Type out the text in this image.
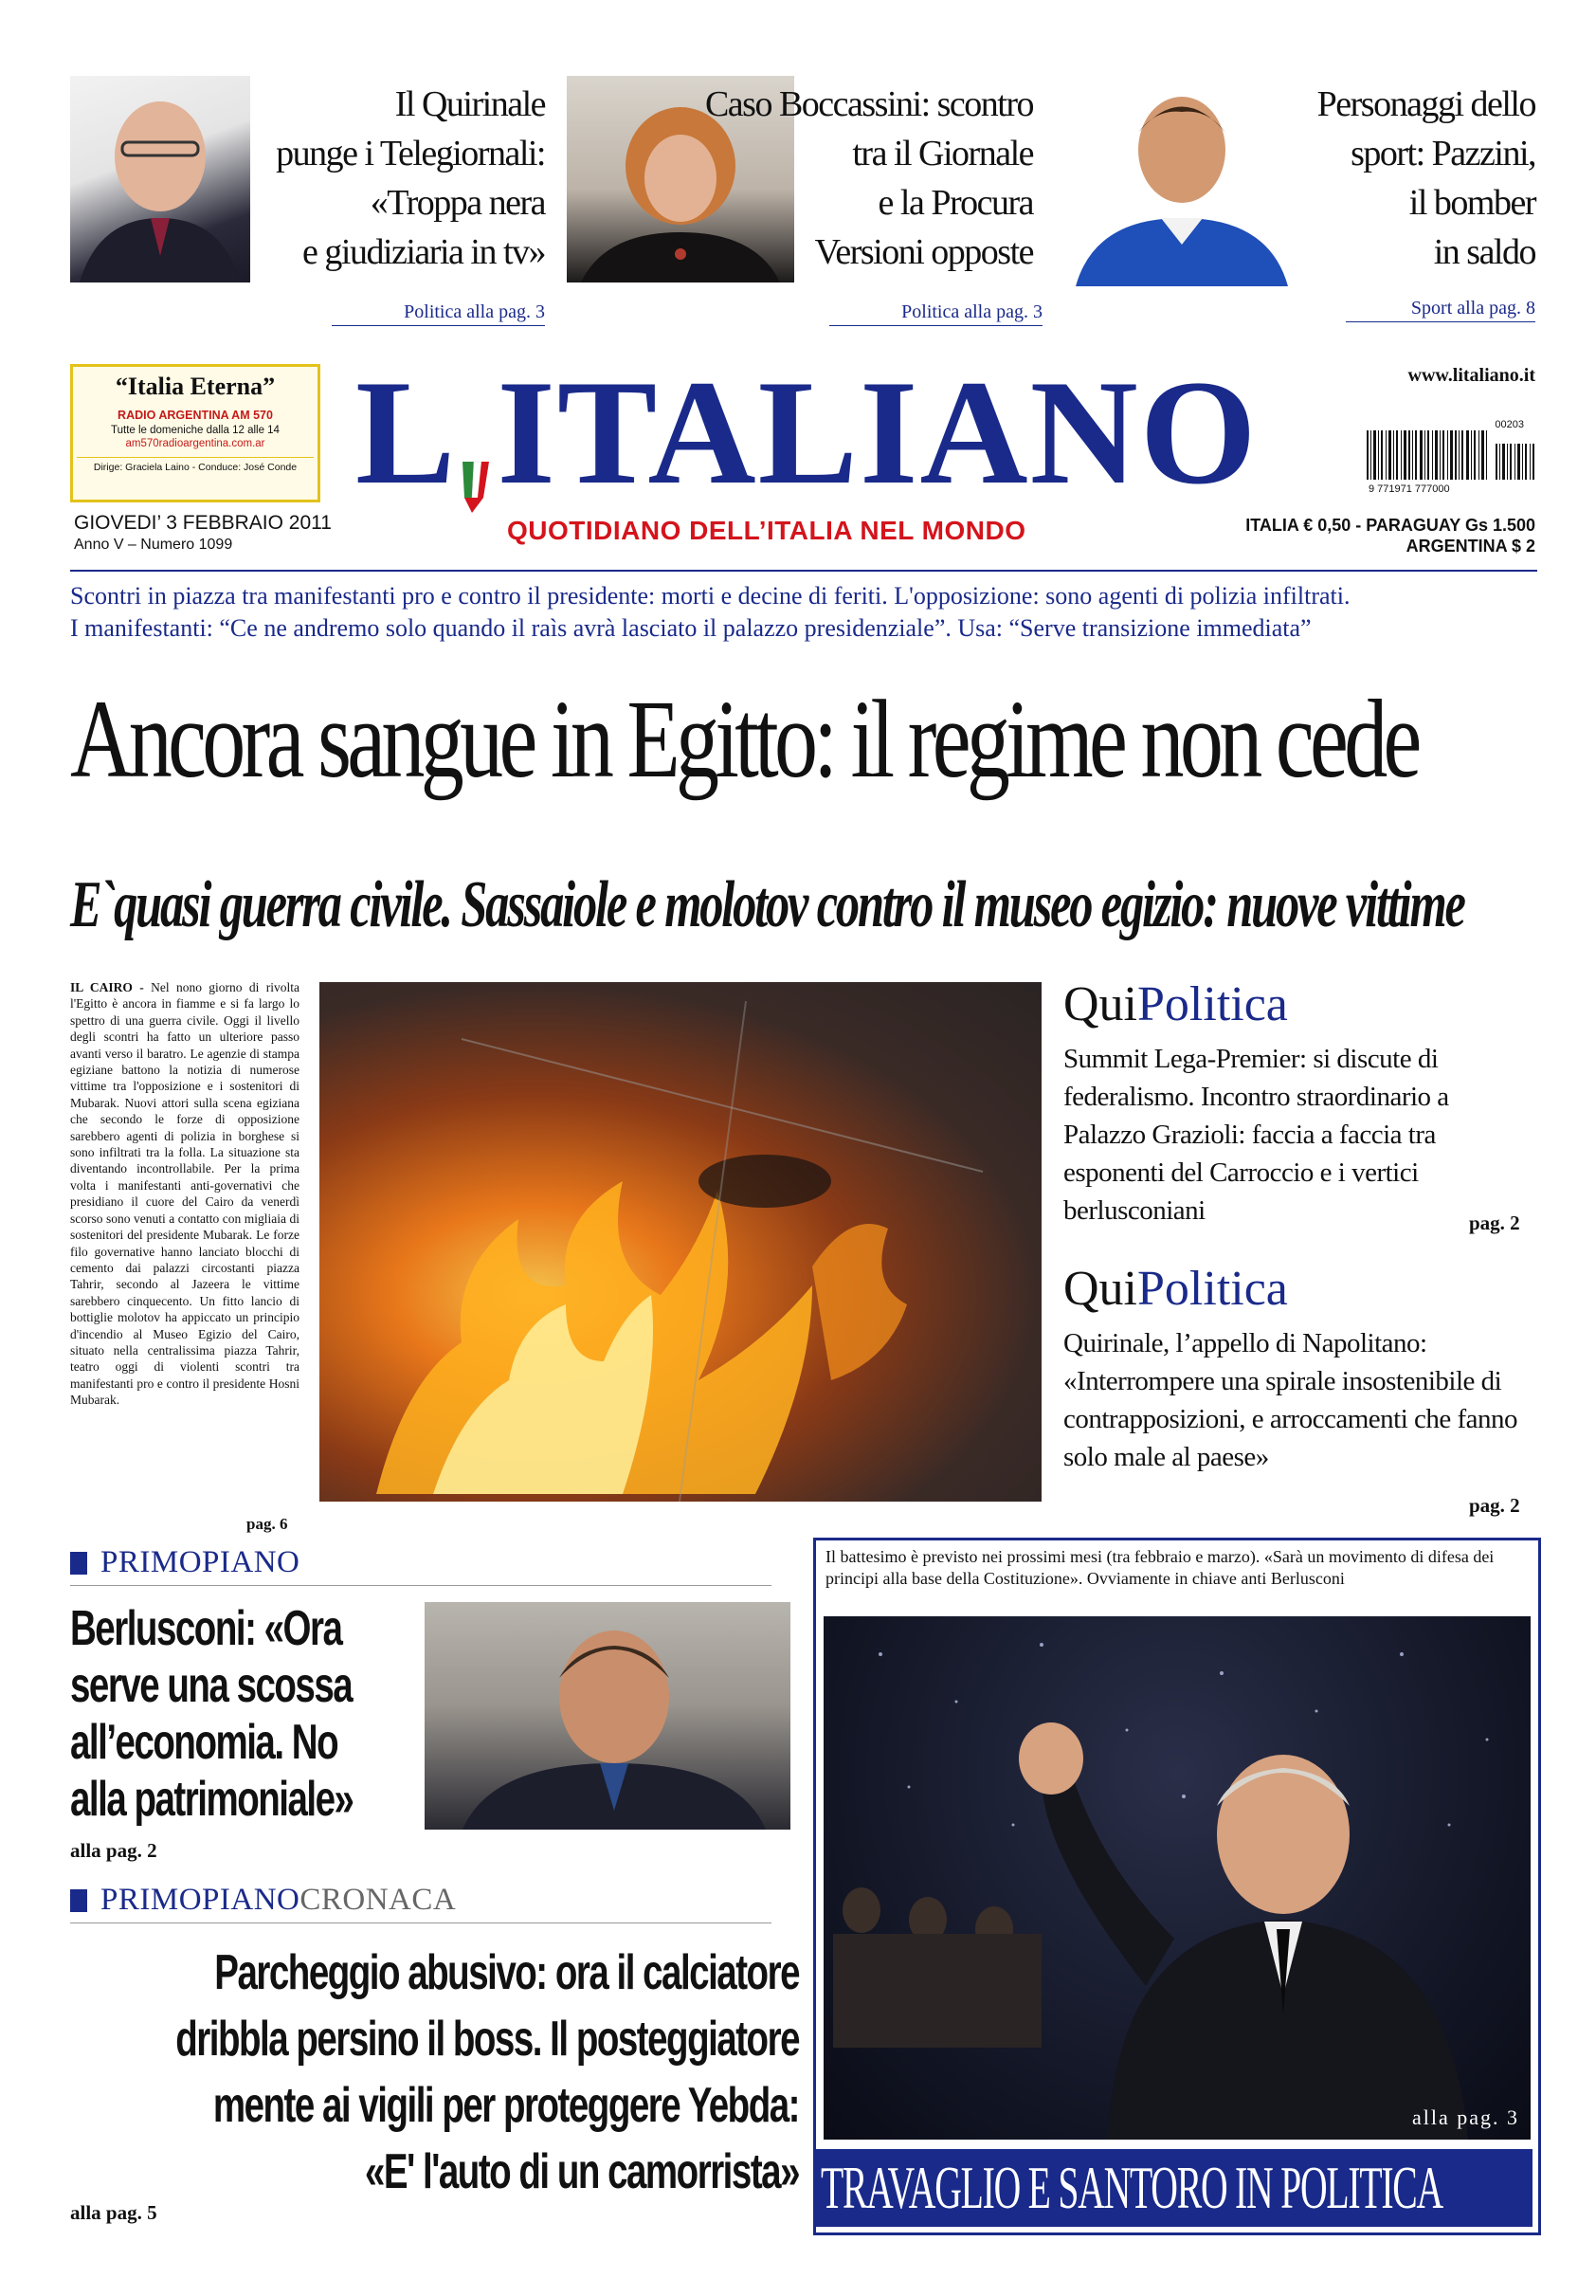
Il Quirinale
punge i Telegiornali:
«Troppa nera
e giudiziaria in tv»
Politica alla pag. 3
Caso Boccassini: scontro
tra il Giornale
e la Procura
Versioni opposte
Politica alla pag. 3
Personaggi dello
sport: Pazzini,
il bomber
in saldo
Sport alla pag. 8
“Italia Eterna”
RADIO ARGENTINA AM 570
Tutte le domeniche dalla 12 alle 14
am570radioargentina.com.ar
Dirige: Graciela Laino - Conduce: José Conde L ITALIANO	www.litaliano.it
00203
9 771971 777000
GIOVEDI’ 3 FEBBRAIO 2011
Anno V – Numero 1099	QUOTIDIANO DELL’ITALIA NEL MONDO	ITALIA € 0,50 - PARAGUAY Gs 1.500
ARGENTINA $ 2
Scontri in piazza tra manifestanti pro e contro il presidente: morti e decine di feriti. L'opposizione: sono agenti di polizia infiltrati.
I manifestanti: “Ce ne andremo solo quando il raìs avrà lasciato il palazzo presidenziale”. Usa: “Serve transizione immediata”
Ancora sangue in Egitto: il regime non cede
E`quasi guerra civile. Sassaiole e molotov contro il museo egizio: nuove vittime
IL CAIRO - Nel nono giorno di rivolta l'Egitto è ancora in fiamme e si fa largo lo spettro di una guerra civile. Oggi il livello degli scontri ha fatto un ulteriore passo avanti verso il baratro. Le agenzie di stampa egiziane battono la notizia di numerose vittime tra l'opposizione e i sostenitori di Mubarak. Nuovi attori sulla scena egiziana che secondo le forze di opposizione sarebbero agenti di polizia in borghese si sono infiltrati tra la folla. La situazione sta diventando incontrollabile. Per la prima volta i manifestanti anti-governativi che presidiano il cuore del Cairo da venerdì scorso sono venuti a contatto con migliaia di sostenitori del presidente Mubarak. Le forze filo governative hanno lanciato blocchi di cemento dai palazzi circostanti piazza Tahrir, secondo al Jazeera le vittime sarebbero cinquecento. Un fitto lancio di bottiglie molotov ha appiccato un principio d'incendio al Museo Egizio del Cairo, situato nella centralissima piazza Tahrir, teatro oggi di violenti scontri tra manifestanti pro e contro il presidente Hosni Mubarak.
pag. 6
QuiPolitica
Summit Lega-Premier: si discute di federalismo. Incontro straordinario a Palazzo Grazioli: faccia a faccia tra esponenti del Carroccio e i vertici berlusconiani	pag. 2
QuiPolitica
Quirinale, l’appello di Napolitano: «Interrompere una spirale insostenibile di contrapposizioni, e arroccamenti che fanno solo male al paese»
pag. 2
PRIMOPIANO
Berlusconi: «Ora
serve una scossa
all’economia. No
alla patrimoniale»
alla pag. 2
PRIMOPIANOCRONACA
Parcheggio abusivo: ora il calciatore
dribbla persino il boss. Il posteggiatore
mente ai vigili per proteggere Yebda:
«E' l'auto di un camorrista»
alla pag. 5
Il battesimo è previsto nei prossimi mesi (tra febbraio e marzo). «Sarà un movimento di difesa dei principi alla base della Costituzione». Ovviamente in chiave anti Berlusconi
alla pag. 3
TRAVAGLIO E SANTORO IN POLITICA
